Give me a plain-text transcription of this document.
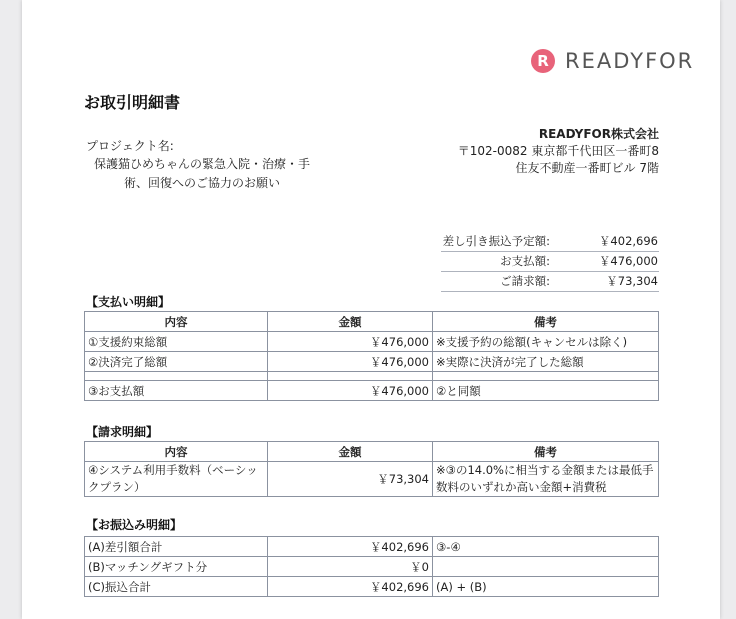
R READYFOR
お取引明細書
プロジェクト名:
保護猫ひめちゃんの緊急入院・治療・手術、回復へのご協力のお願い
READYFOR株式会社
〒102-0082 東京都千代田区一番町8
住友不動産一番町ビル 7階
差し引き振込予定額:	￥402,696
お支払額:	￥476,000
ご請求額:	￥73,304
【支払い明細】
内容	金額	備考
①支援約束総額	￥476,000	※支援予約の総額(キャンセルは除く)
②決済完了総額	￥476,000	※実際に決済が完了した総額

③お支払額	￥476,000	②と同額
【請求明細】
内容	金額	備考
④システム利用手数料（ベーシックプラン）	￥73,304	※③の14.0%に相当する金額または最低手数料のいずれか高い金額+消費税
【お振込み明細】
(A)差引額合計	￥402,696	③-④
(B)マッチングギフト分	￥0	
(C)振込合計	￥402,696	(A) + (B)
